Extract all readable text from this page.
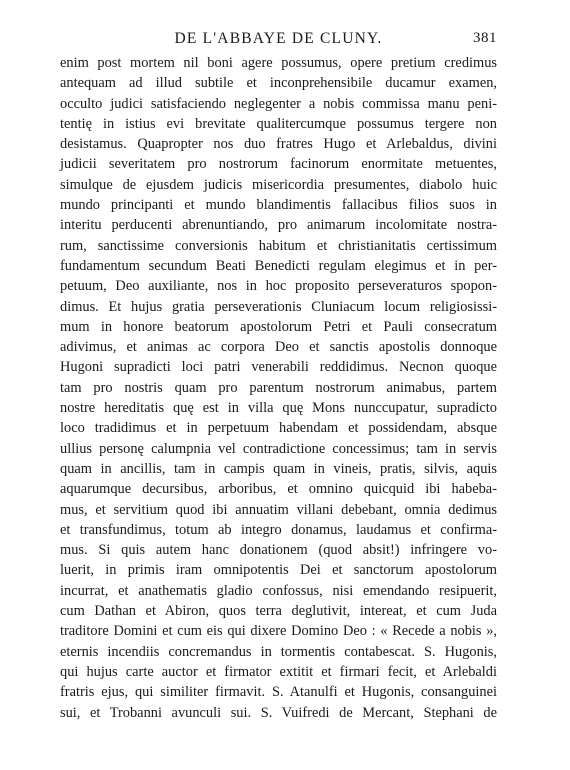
DE L'ABBAYE DE CLUNY.	381
enim post mortem nil boni agere possumus, opere pretium credimus
antequam ad illud subtile et inconprehensibile ducamur examen,
occulto judici satisfaciendo neglegenter a nobis commissa manu peni-
tentię in istius evi brevitate qualitercumque possumus tergere non
desistamus. Quapropter nos duo fratres Hugo et Arlebaldus, divini
judicii severitatem pro nostrorum facinorum enormitate metuentes,
simulque de ejusdem judicis misericordia presumentes, diabolo huic
mundo principanti et mundo blandimentis fallacibus filios suos in
interitu perducenti abrenuntiando, pro animarum incolomitate nostra-
rum, sanctissime conversionis habitum et christianitatis certissimum
fundamentum secundum Beati Benedicti regulam elegimus et in per-
petuum, Deo auxiliante, nos in hoc proposito perseveraturos spopon-
dimus. Et hujus gratia perseverationis Cluniacum locum religiosissi-
mum in honore beatorum apostolorum Petri et Pauli consecratum
adivimus, et animas ac corpora Deo et sanctis apostolis donnoque
Hugoni supradicti loci patri venerabili reddidimus. Necnon quoque
tam pro nostris quam pro parentum nostrorum animabus, partem
nostre hereditatis quę est in villa quę Mons nunccupatur, supradicto
loco tradidimus et in perpetuum habendam et possidendam, absque
ullius personę calumpnia vel contradictione concessimus; tam in servis
quam in ancillis, tam in campis quam in vineis, pratis, silvis, aquis
aquarumque decursibus, arboribus, et omnino quicquid ibi habeba-
mus, et servitium quod ibi annuatim villani debebant, omnia dedimus
et transfundimus, totum ab integro donamus, laudamus et confirma-
mus. Si quis autem hanc donationem (quod absit!) infringere vo-
luerit, in primis iram omnipotentis Dei et sanctorum apostolorum
incurrat, et anathematis gladio confossus, nisi emendando resipuerit,
cum Dathan et Abiron, quos terra deglutivit, intereat, et cum Juda
traditore Domini et cum eis qui dixere Domino Deo : « Recede a nobis »,
eternis incendiis concremandus in tormentis contabescat. S. Hugonis,
qui hujus carte auctor et firmator extitit et firmari fecit, et Arlebaldi
fratris ejus, qui similiter firmavit. S. Atanulfi et Hugonis, consanguinei
sui, et Trobanni avunculi sui. S. Vuifredi de Mercant, Stephani de
